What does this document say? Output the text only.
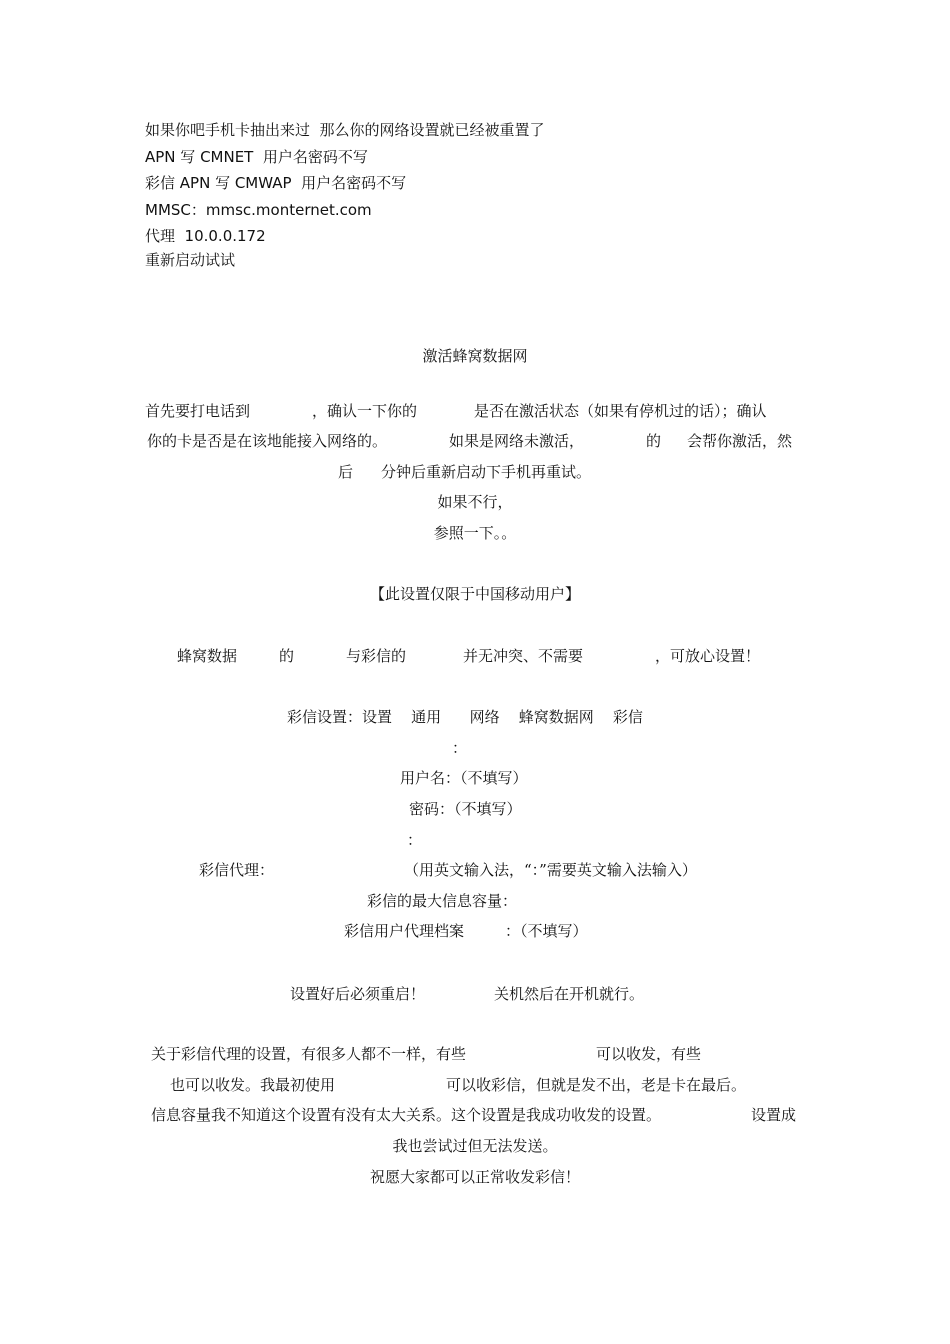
如果你吧手机卡抽出来过  那么你的网络设置就已经被重置了
APN 写 CMNET  用户名密码不写
彩信 APN 写 CMWAP  用户名密码不写
MMSC：mmsc.monternet.com
代理  10.0.0.172
重新启动试试
激活蜂窝数据网
首先要打电话到	，确认一下你的	是否在激活状态（如果有停机过的话）；确认
你的卡是否是在该地能接入网络的。	如果是网络未激活，	的 会帮你激活，然
后 分钟后重新启动下手机再重试。
如果不行，
参照一下。。
【此设置仅限于中国移动用户】
蜂窝数据	的	与彩信的	并无冲突、不需要	，可放心设置！
彩信设置：设置    通用      网络    蜂窝数据网    彩信
：
用户名：（不填写）
密码：（不填写）
：
彩信代理：	（用英文输入法，“：”需要英文输入法输入）
彩信的最大信息容量：
彩信用户代理档案	：（不填写）
设置好后必须重启！	关机然后在开机就行。
关于彩信代理的设置，有很多人都不一样，有些	可以收发，有些
也可以收发。我最初使用	可以收彩信，但就是发不出，老是卡在最后。
信息容量我不知道这个设置有没有太大关系。这个设置是我成功收发的设置。	设置成
我也尝试过但无法发送。
祝愿大家都可以正常收发彩信！
